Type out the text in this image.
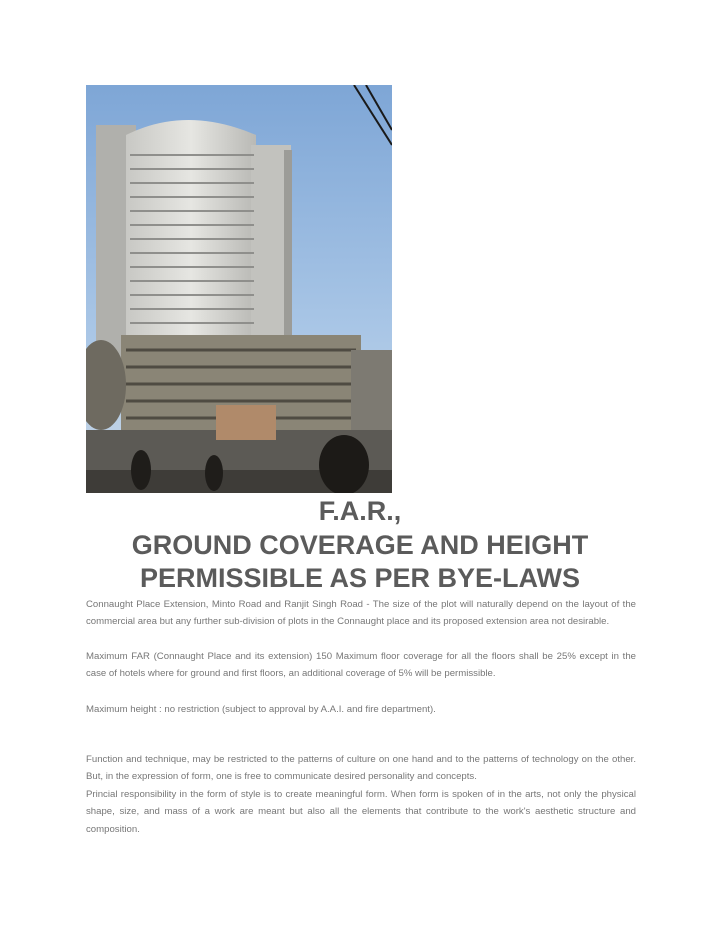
F.A.R.,
GROUND COVERAGE AND HEIGHT
PERMISSIBLE AS PER BYE-LAWS

Connaught Place Extension, Minto Road and Ranjit Singh Road - The size of the plot will naturally depend on the layout of the commercial area but any further sub-division of plots in the Connaught place and its proposed extension area not desirable.

Maximum FAR (Connaught Place and its extension) 150 Maximum floor coverage for all the floors shall be 25% except in the case of hotels where for ground and first floors, an additional coverage of 5% will be permissible.

Maximum height : no restriction (subject to approval by A.A.I. and fire department).

Function and technique, may be restricted to the patterns of culture on one hand and to the patterns of technology on the other. But, in the expression of form, one is free to communicate desired personality and concepts.

Princial responsibility in the form of style is to create meaningful form. When form is spoken of in the arts, not only the physical shape, size, and mass of a work are meant but also all the elements that contribute to the work's aesthetic structure and composition.
